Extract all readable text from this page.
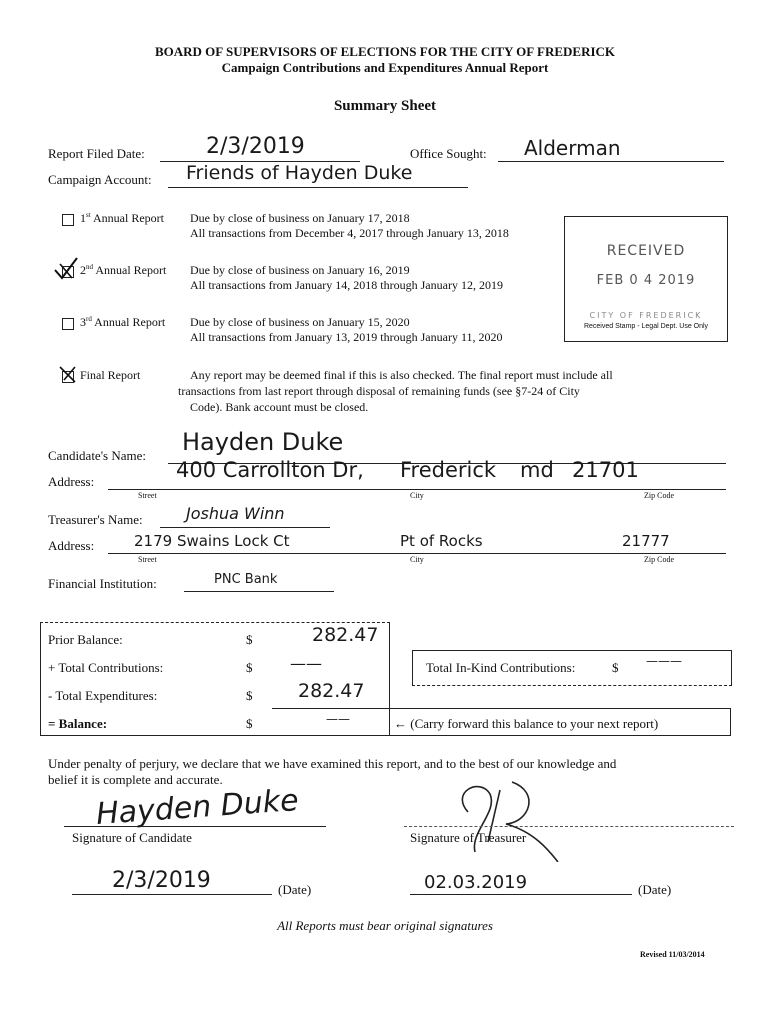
BOARD OF SUPERVISORS OF ELECTIONS FOR THE CITY OF FREDERICK
Campaign Contributions and Expenditures Annual Report
Summary Sheet
Report Filed Date:	2/3/2019	Office Sought: Alderman
Campaign Account: Friends of Hayden Duke
1st Annual Report Due by close of business on January 17, 2018
All transactions from December 4, 2017 through January 13, 2018
2nd Annual Report Due by close of business on January 16, 2019
All transactions from January 14, 2018 through January 12, 2019
3rd Annual Report Due by close of business on January 15, 2020
All transactions from January 13, 2019 through January 11, 2020
RECEIVED
FEB 0 4 2019
CITY OF FREDERICK
Received Stamp - Legal Dept. Use Only
Final Report	Any report may be deemed final if this is also checked. The final report must include all
transactions from last report through disposal of remaining funds (see §7-24 of City
Code). Bank account must be closed.
Candidate's Name: Hayden Duke
Address:	400 Carrollton Dr, Frederick md 21701
Street	City	Zip Code
Treasurer's Name:	Joshua Winn
Address:	2179 Swains Lock Ct	Pt of Rocks	21777
Street	City	Zip Code
Financial Institution:	PNC Bank
Prior Balance:	$	282.47
+ Total Contributions:	$ ——
- Total Expenditures:	$ 282.47
= Balance:	$	——
Total In-Kind Contributions:	$ ———
← (Carry forward this balance to your next report)
Under penalty of perjury, we declare that we have examined this report, and to the best of our knowledge and
belief it is complete and accurate.
Hayden Duke
Signature of Candidate	Signature of Treasurer
2/3/2019	(Date)	02.03.2019	(Date)
All Reports must bear original signatures
Revised 11/03/2014
